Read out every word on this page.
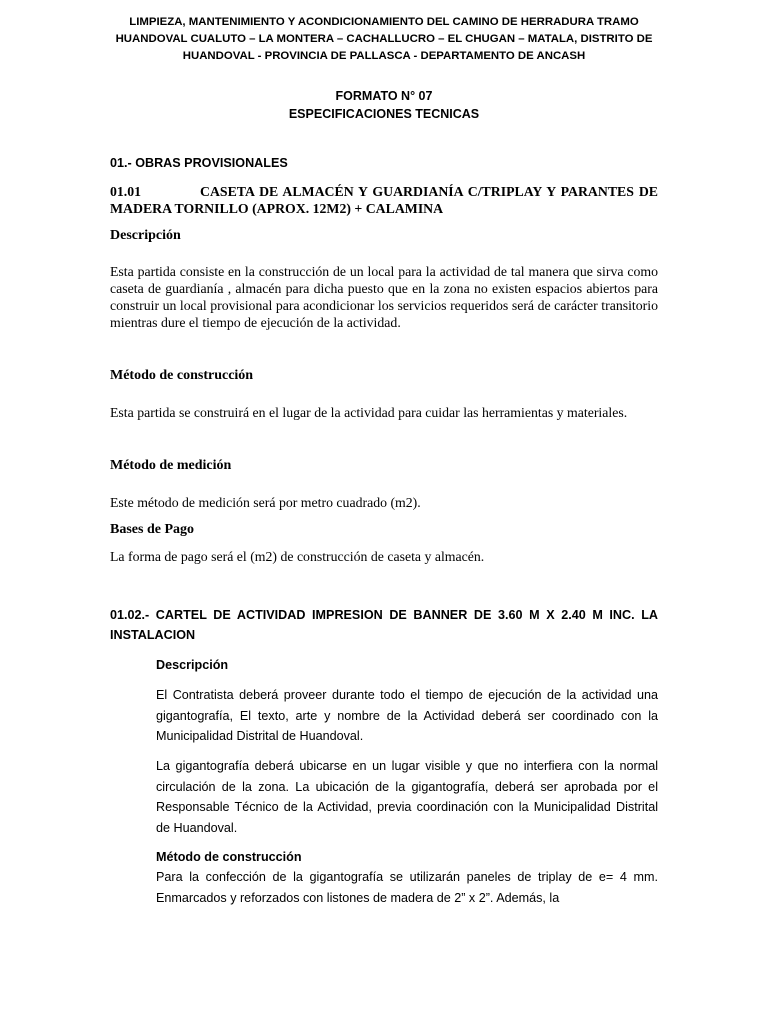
LIMPIEZA, MANTENIMIENTO Y ACONDICIONAMIENTO DEL CAMINO DE HERRADURA TRAMO
HUANDOVAL CUALUTO – LA MONTERA – CACHALLUCRO – EL CHUGAN – MATALA, DISTRITO DE
HUANDOVAL - PROVINCIA DE PALLASCA - DEPARTAMENTO DE ANCASH
FORMATO N° 07
ESPECIFICACIONES TECNICAS
01.- OBRAS PROVISIONALES
01.01	CASETA DE ALMACÉN Y GUARDIANÍA C/TRIPLAY Y PARANTES DE MADERA TORNILLO (APROX. 12M2) + CALAMINA
Descripción

Esta partida consiste en la construcción de un local para la actividad de tal manera que sirva como caseta de guardianía , almacén para dicha puesto que en la zona no existen espacios abiertos para construir un local provisional para acondicionar los servicios requeridos será de carácter transitorio mientras dure el tiempo de ejecución de la actividad.

Método de construcción

Esta partida se construirá en el lugar de la actividad para cuidar las herramientas y materiales.

Método de medición

Este método de medición será por metro cuadrado (m2).

Bases de Pago

La forma de pago será el (m2) de construcción de caseta y almacén.

01.02.- CARTEL DE ACTIVIDAD IMPRESION DE BANNER DE 3.60 M X 2.40 M INC. LA INSTALACION
Descripción

El Contratista deberá proveer durante todo el tiempo de ejecución de la actividad una gigantografía, El texto, arte y nombre de la Actividad deberá ser coordinado con la Municipalidad Distrital de Huandoval.

La gigantografía deberá ubicarse en un lugar visible y que no interfiera con la normal circulación de la zona. La ubicación de la gigantografía, deberá ser aprobada por el Responsable Técnico de la Actividad, previa coordinación con la Municipalidad Distrital de Huandoval.

Método de construcción

Para la confección de la gigantografía se utilizarán paneles de triplay de e= 4 mm. Enmarcados y reforzados con listones de madera de 2” x 2”. Además, la
